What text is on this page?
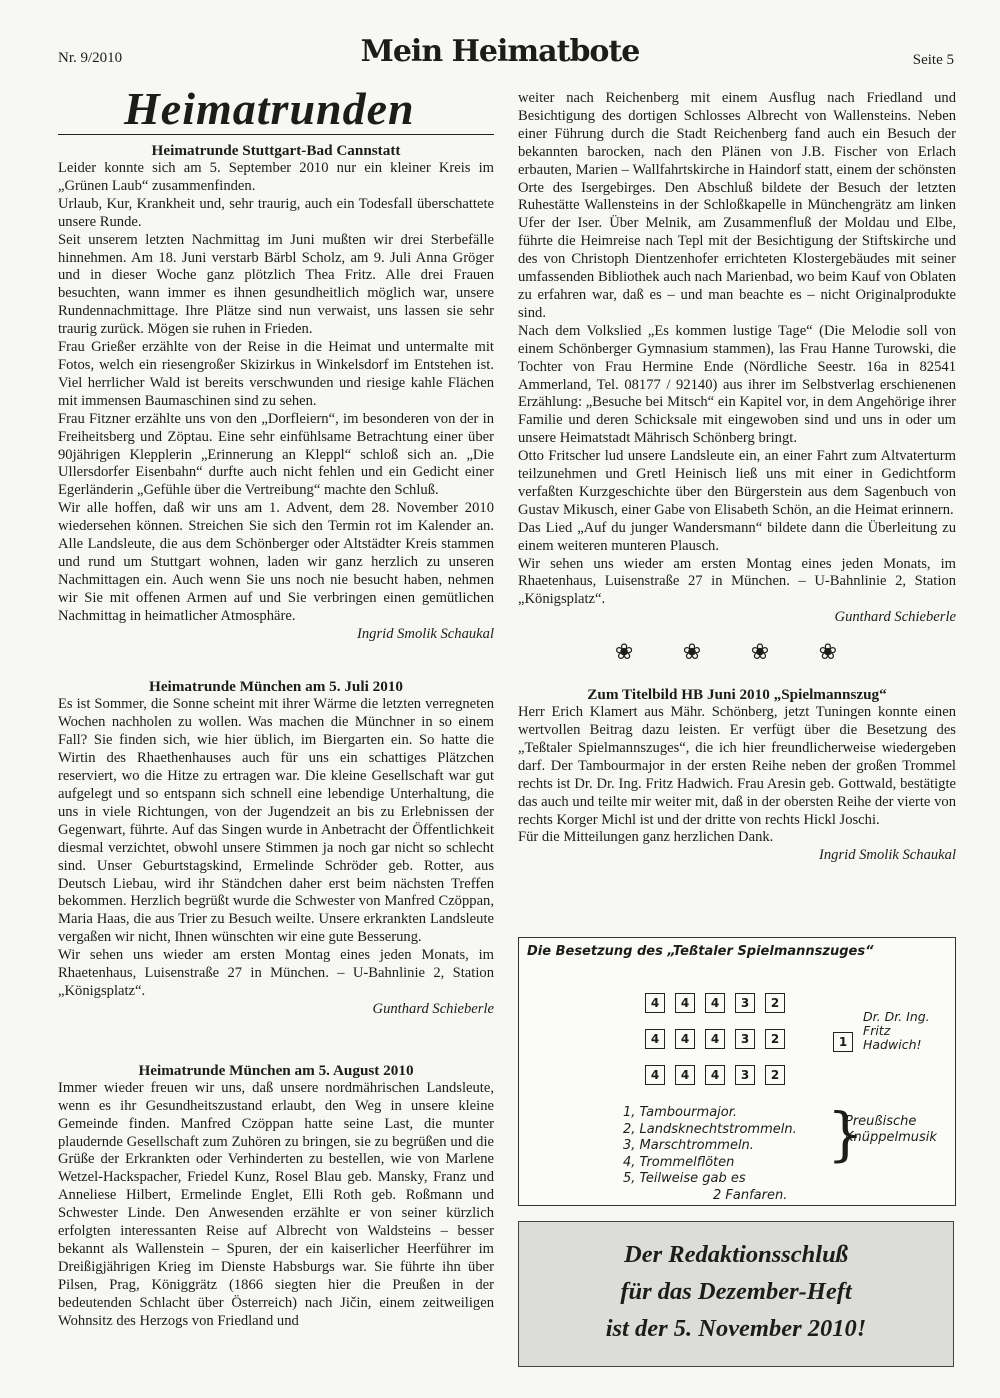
Nr. 9/2010	Mein Heimatbote	Seite 5
Heimatrunden
Heimatrunde Stuttgart-Bad Cannstatt

Leider konnte sich am 5. September 2010 nur ein kleiner Kreis im „Grünen Laub“ zusammenfinden.

Urlaub, Kur, Krankheit und, sehr traurig, auch ein Todesfall überschattete unsere Runde.

Seit unserem letzten Nachmittag im Juni mußten wir drei Sterbefälle hinnehmen. Am 18. Juni verstarb Bärbl Scholz, am 9. Juli Anna Gröger und in dieser Woche ganz plötzlich Thea Fritz. Alle drei Frauen besuchten, wann immer es ihnen gesundheitlich möglich war, unsere Rundennachmittage. Ihre Plätze sind nun verwaist, uns lassen sie sehr traurig zurück. Mögen sie ruhen in Frieden.

Frau Grießer erzählte von der Reise in die Heimat und untermalte mit Fotos, welch ein riesengroßer Skizirkus in Winkelsdorf im Entstehen ist. Viel herrlicher Wald ist bereits verschwunden und riesige kahle Flächen mit immensen Baumaschinen sind zu sehen.

Frau Fitzner erzählte uns von den „Dorfleiern“, im besonderen von der in Freiheitsberg und Zöptau. Eine sehr einfühlsame Betrachtung einer über 90jährigen Klepplerin „Erinnerung an Kleppl“ schloß sich an. „Die Ullersdorfer Eisenbahn“ durfte auch nicht fehlen und ein Gedicht einer Egerländerin „Gefühle über die Vertreibung“ machte den Schluß.

Wir alle hoffen, daß wir uns am 1. Advent, dem 28. November 2010 wiedersehen können. Streichen Sie sich den Termin rot im Kalender an. Alle Landsleute, die aus dem Schönberger oder Altstädter Kreis stammen und rund um Stuttgart wohnen, laden wir ganz herzlich zu unseren Nachmittagen ein. Auch wenn Sie uns noch nie besucht haben, nehmen wir Sie mit offenen Armen auf und Sie verbringen einen gemütlichen Nachmittag in heimatlicher Atmosphäre.

Ingrid Smolik Schaukal

Heimatrunde München am 5. Juli 2010

Es ist Sommer, die Sonne scheint mit ihrer Wärme die letzten verregneten Wochen nachholen zu wollen. Was machen die Münchner in so einem Fall? Sie finden sich, wie hier üblich, im Biergarten ein. So hatte die Wirtin des Rhaethenhauses auch für uns ein schattiges Plätzchen reserviert, wo die Hitze zu ertragen war. Die kleine Gesellschaft war gut aufgelegt und so entspann sich schnell eine lebendige Unterhaltung, die uns in viele Richtungen, von der Jugendzeit an bis zu Erlebnissen der Gegenwart, führte. Auf das Singen wurde in Anbetracht der Öffentlichkeit diesmal verzichtet, obwohl unsere Stimmen ja noch gar nicht so schlecht sind. Unser Geburtstagskind, Ermelinde Schröder geb. Rotter, aus Deutsch Liebau, wird ihr Ständchen daher erst beim nächsten Treffen bekommen. Herzlich begrüßt wurde die Schwester von Manfred Czöppan, Maria Haas, die aus Trier zu Besuch weilte. Unsere erkrankten Landsleute vergaßen wir nicht, Ihnen wünschten wir eine gute Besserung.

Wir sehen uns wieder am ersten Montag eines jeden Monats, im Rhaetenhaus, Luisenstraße 27 in München. – U-Bahnlinie 2, Station „Königsplatz“.

Gunthard Schieberle

Heimatrunde München am 5. August 2010

Immer wieder freuen wir uns, daß unsere nordmährischen Landsleute, wenn es ihr Gesundheitszustand erlaubt, den Weg in unsere kleine Gemeinde finden. Manfred Czöppan hatte seine Last, die munter plaudernde Gesellschaft zum Zuhören zu bringen, sie zu begrüßen und die Grüße der Erkrankten oder Verhinderten zu bestellen, wie von Marlene Wetzel-Hackspacher, Friedel Kunz, Rosel Blau geb. Mansky, Franz und Anneliese Hilbert, Ermelinde Englet, Elli Roth geb. Roßmann und Schwester Linde. Den Anwesenden erzählte er von seiner kürzlich erfolgten interessanten Reise auf Albrecht von Waldsteins – besser bekannt als Wallenstein – Spuren, der ein kaiserlicher Heerführer im Dreißigjährigen Krieg im Dienste Habsburgs war. Sie führte ihn über Pilsen, Prag, Königgrätz (1866 siegten hier die Preußen in der bedeutenden Schlacht über Österreich) nach Jičin, einem zeitweiligen Wohnsitz des Herzogs von Friedland und

weiter nach Reichenberg mit einem Ausflug nach Friedland und Besichtigung des dortigen Schlosses Albrecht von Wallensteins. Neben einer Führung durch die Stadt Reichenberg fand auch ein Besuch der bekannten barocken, nach den Plänen von J.B. Fischer von Erlach erbauten, Marien – Wallfahrtskirche in Haindorf statt, einem der schönsten Orte des Isergebirges. Den Abschluß bildete der Besuch der letzten Ruhestätte Wallensteins in der Schloßkapelle in Münchengrätz am linken Ufer der Iser. Über Melnik, am Zusammenfluß der Moldau und Elbe, führte die Heimreise nach Tepl mit der Besichtigung der Stiftskirche und des von Christoph Dientzenhofer errichteten Klostergebäudes mit seiner umfassenden Bibliothek auch nach Marienbad, wo beim Kauf von Oblaten zu erfahren war, daß es – und man beachte es – nicht Originalprodukte sind.

Nach dem Volkslied „Es kommen lustige Tage“ (Die Melodie soll von einem Schönberger Gymnasium stammen), las Frau Hanne Turowski, die Tochter von Frau Hermine Ende (Nördliche Seestr. 16a in 82541 Ammerland, Tel. 08177 / 92140) aus ihrer im Selbstverlag erschienenen Erzählung: „Besuche bei Mitsch“ ein Kapitel vor, in dem Angehörige ihrer Familie und deren Schicksale mit eingewoben sind und uns in oder um unsere Heimatstadt Mährisch Schönberg bringt.

Otto Fritscher lud unsere Landsleute ein, an einer Fahrt zum Altvaterturm teilzunehmen und Gretl Heinisch ließ uns mit einer in Gedichtform verfaßten Kurzgeschichte über den Bürgerstein aus dem Sagenbuch von Gustav Mikusch, einer Gabe von Elisabeth Schön, an die Heimat erinnern.

Das Lied „Auf du junger Wandersmann“ bildete dann die Überleitung zu einem weiteren munteren Plausch.

Wir sehen uns wieder am ersten Montag eines jeden Monats, im Rhaetenhaus, Luisenstraße 27 in München. – U-Bahnlinie 2, Station „Königsplatz“.

Gunthard Schieberle

❀ ❀ ❀ ❀
Zum Titelbild HB Juni 2010 „Spielmannszug“

Herr Erich Klamert aus Mähr. Schönberg, jetzt Tuningen konnte einen wertvollen Beitrag dazu leisten. Er verfügt über die Besetzung des „Teßtaler Spielmannszuges“, die ich hier freundlicherweise wiedergeben darf. Der Tambourmajor in der ersten Reihe neben der großen Trommel rechts ist Dr. Dr. Ing. Fritz Hadwich. Frau Aresin geb. Gottwald, bestätigte das auch und teilte mir weiter mit, daß in der obersten Reihe der vierte von rechts Korger Michl ist und der dritte von rechts Hickl Joschi.

Für die Mitteilungen ganz herzlichen Dank.

Ingrid Smolik Schaukal

Die Besetzung des „Teßtaler Spielmannszuges“
4	4	4	3	2
4	4	4	3	2
4	4	4	3	2
1
Dr. Dr. Ing. Fritz Hadwich!
1, Tambourmajor.
2, Landsknechtstrommeln.
3, Marschtrommeln.
4, Trommelflöten
5, Teilweise gab es
2 Fanfaren.
}
Preußische Knüppelmusik
Der Redaktionsschluß
für das Dezember-Heft
ist der 5. November 2010!
